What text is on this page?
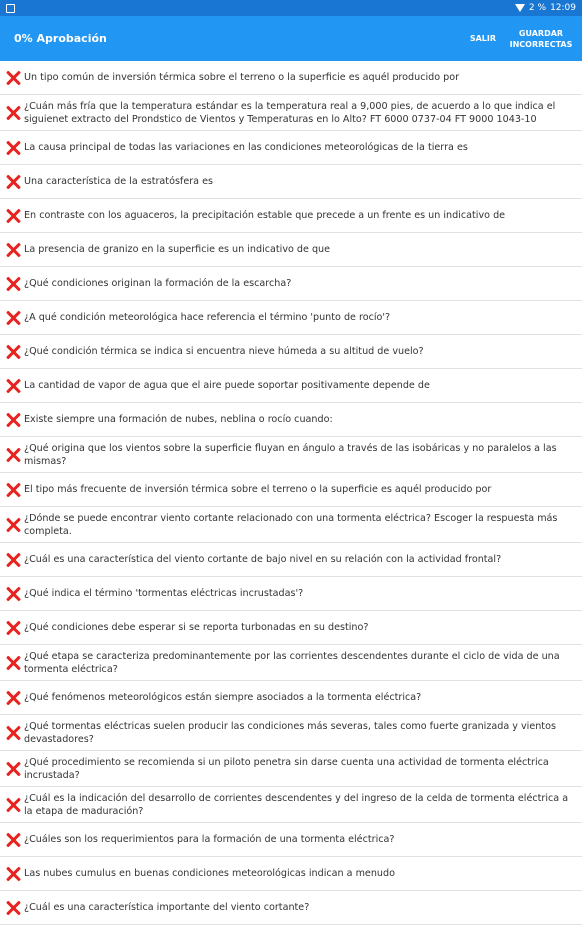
2 % 12:09
0% Aprobación	SALIR
GUARDAR
INCORRECTAS
Un tipo común de inversión térmica sobre el terreno o la superficie es aquél producido por
¿Cuán más fría que la temperatura estándar es la temperatura real a 9,000 pies, de acuerdo a lo que indica el siguienet extracto del Prondstico de Vientos y Temperaturas en lo Alto? FT 6000 0737-04 FT 9000 1043-10
La causa principal de todas las variaciones en las condiciones meteorológicas de la tierra es
Una característica de la estratósfera es
En contraste con los aguaceros, la precipitación estable que precede a un frente es un indicativo de
La presencia de granizo en la superficie es un indicativo de que
¿Qué condiciones originan la formación de la escarcha?
¿A qué condición meteorológica hace referencia el término 'punto de rocío'?
¿Qué condición térmica se indica si encuentra nieve húmeda a su altitud de vuelo?
La cantidad de vapor de agua que el aire puede soportar positivamente depende de
Existe siempre una formación de nubes, neblina o rocío cuando:
¿Qué origina que los vientos sobre la superficie fluyan en ángulo a través de las isobáricas y no paralelos a las mismas?
El tipo más frecuente de inversión térmica sobre el terreno o la superficie es aquél producido por
¿Dónde se puede encontrar viento cortante relacionado con una tormenta eléctrica? Escoger la respuesta más completa.
¿Cuál es una característica del viento cortante de bajo nivel en su relación con la actividad frontal?
¿Qué indica el término 'tormentas eléctricas incrustadas'?
¿Qué condiciones debe esperar si se reporta turbonadas en su destino?
¿Qué etapa se caracteriza predominantemente por las corrientes descendentes durante el ciclo de vida de una tormenta eléctrica?
¿Qué fenómenos meteorológicos están siempre asociados a la tormenta eléctrica?
¿Qué tormentas eléctricas suelen producir las condiciones más severas, tales como fuerte granizada y vientos devastadores?
¿Qué procedimiento se recomienda si un piloto penetra sin darse cuenta una actividad de tormenta eléctrica incrustada?
¿Cuál es la indicación del desarrollo de corrientes descendentes y del ingreso de la celda de tormenta eléctrica a la etapa de maduración?
¿Cuáles son los requerimientos para la formación de una tormenta eléctrica?
Las nubes cumulus en buenas condiciones meteorológicas indican a menudo
¿Cuál es una característica importante del viento cortante?
